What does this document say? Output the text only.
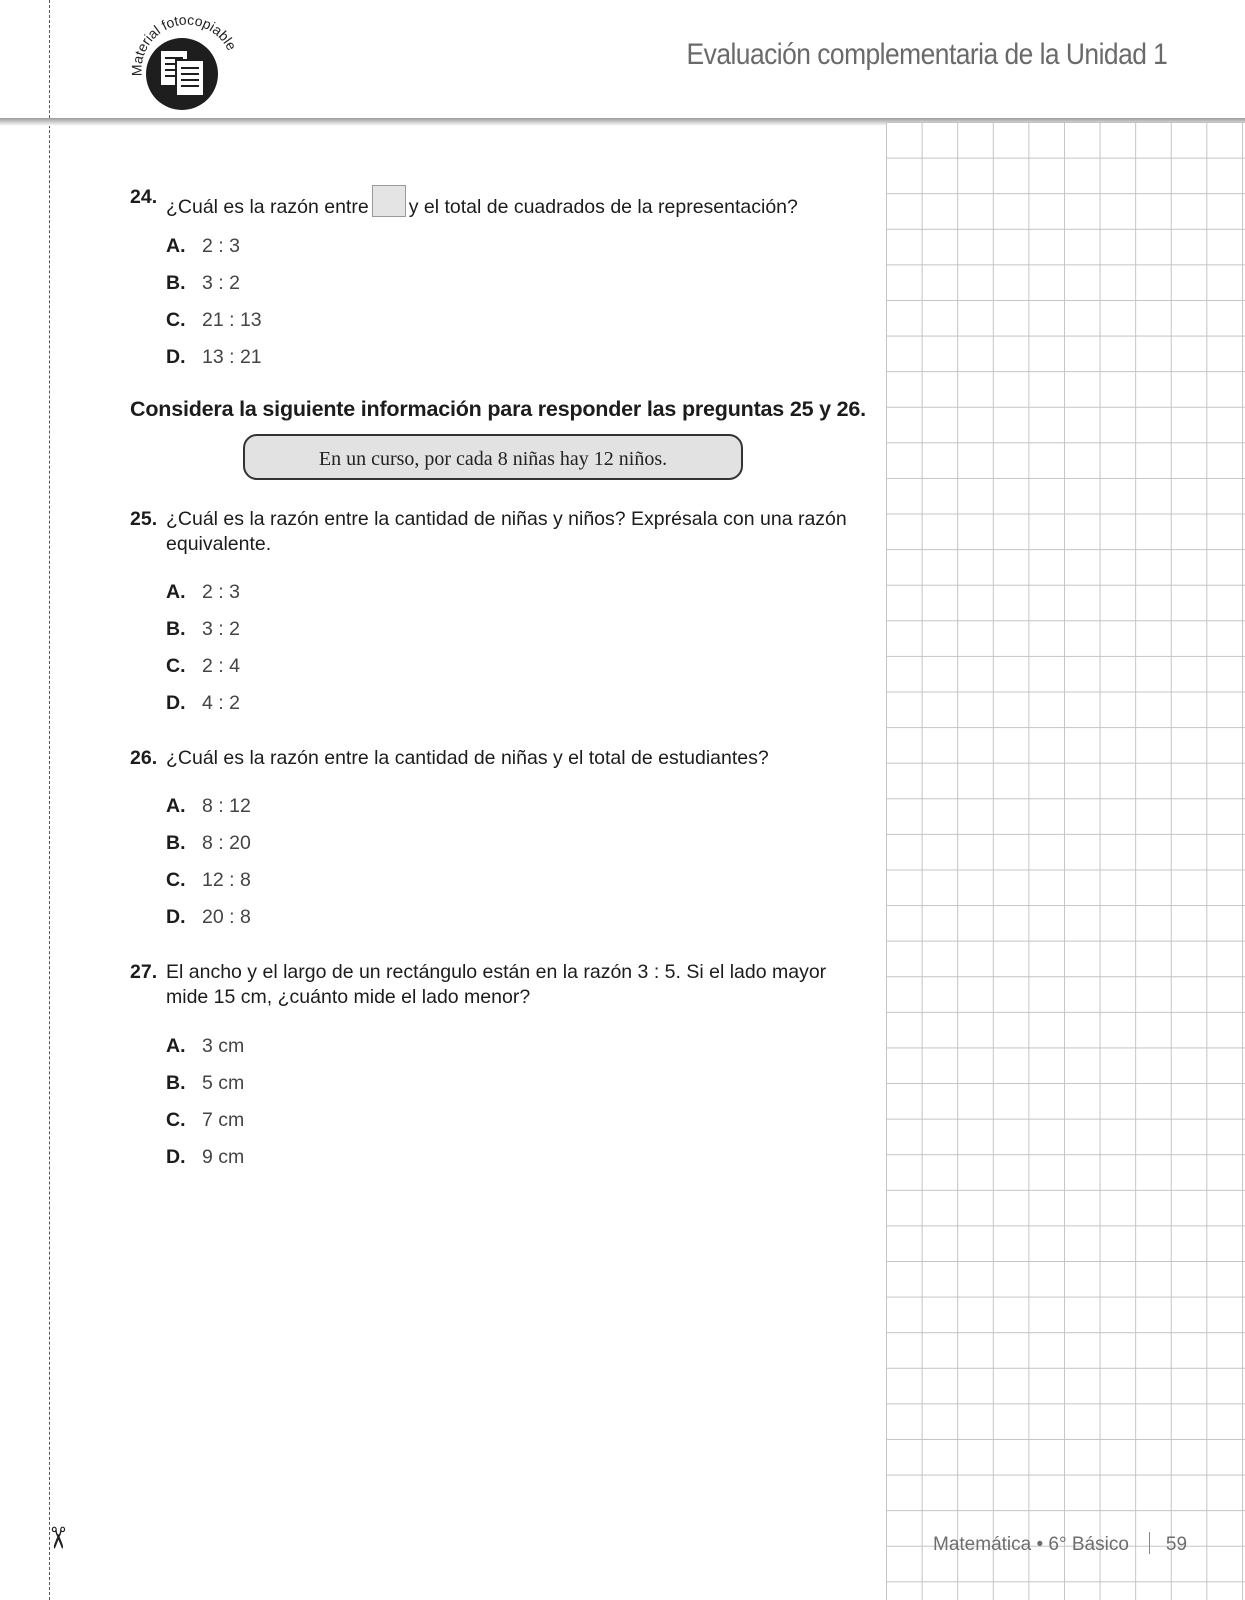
✂
Material fotocopiable	Evaluación complementaria de la Unidad 1
24. ¿Cuál es la razón entre y el total de cuadrados de la representación?
A. 2 : 3
B. 3 : 2
C. 21 : 13
D. 13 : 21
Considera la siguiente información para responder las preguntas 25 y 26.
En un curso, por cada 8 niñas hay 12 niños.
25. ¿Cuál es la razón entre la cantidad de niñas y niños? Exprésala con una razón equivalente.
A. 2 : 3
B. 3 : 2
C. 2 : 4
D. 4 : 2
26. ¿Cuál es la razón entre la cantidad de niñas y el total de estudiantes?
A. 8 : 12
B. 8 : 20
C. 12 : 8
D. 20 : 8
27. El ancho y el largo de un rectángulo están en la razón 3 : 5. Si el lado mayor mide 15 cm, ¿cuánto mide el lado menor?
A. 3 cm
B. 5 cm
C. 7 cm
D. 9 cm
Matemática • 6° Básico 59
